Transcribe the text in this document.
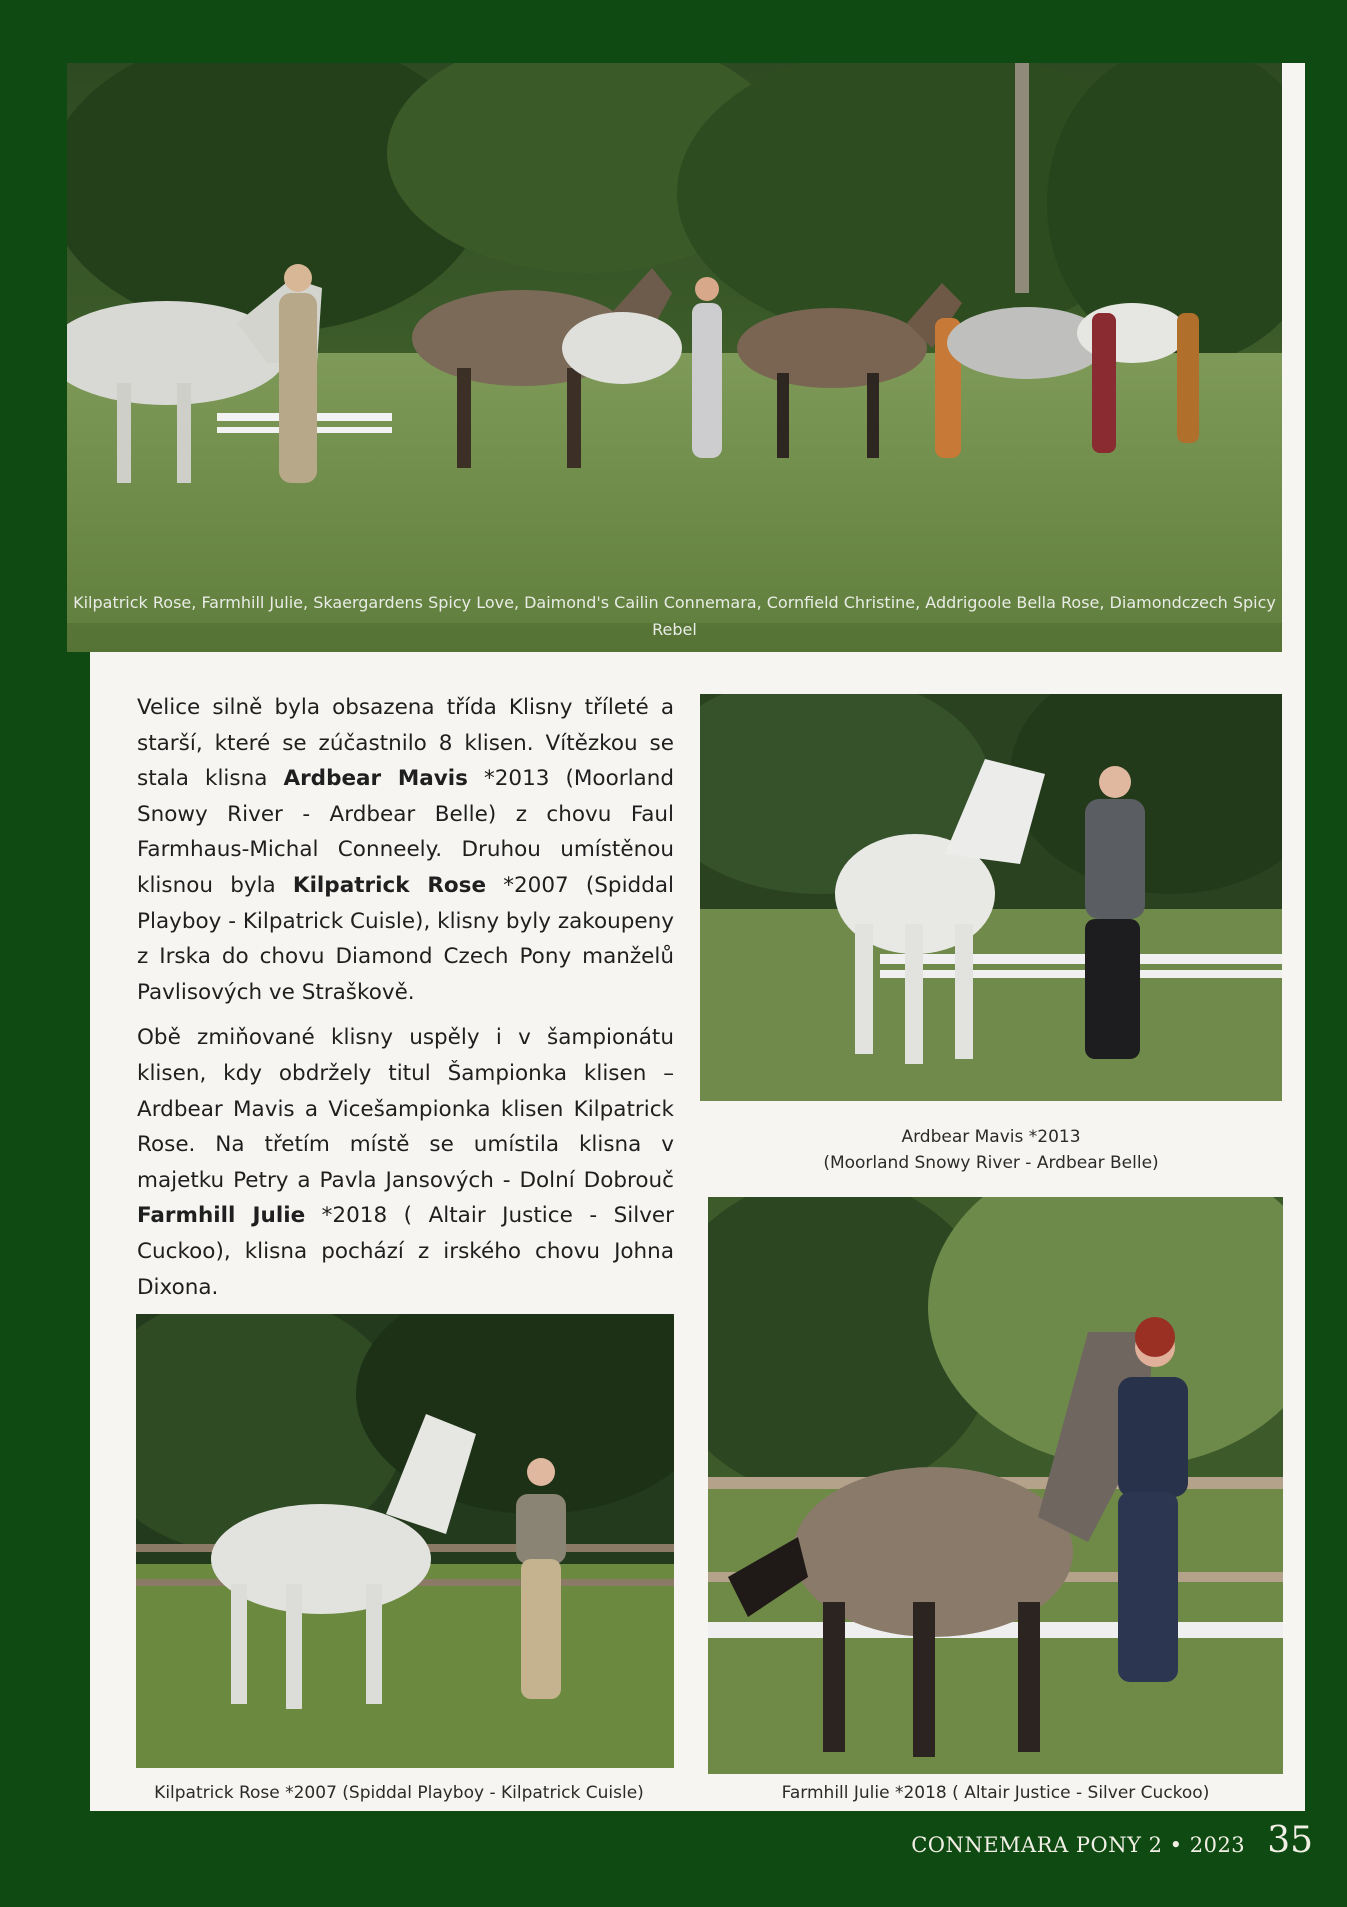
Kilpatrick Rose, Farmhill Julie, Skaergardens Spicy Love, Daimond's Cailin Connemara, Cornfield Christine, Addrigoole Bella Rose, Diamondczech Spicy Rebel

Velice silně byla obsazena třída Klisny tříleté a starší, které se zúčastnilo 8 klisen. Vítězkou se stala klisna Ardbear Mavis *2013 (Moorland Snowy River - Ardbear Belle) z chovu Faul Farmhaus-Michal Conneely. Druhou umístěnou klisnou byla Kilpatrick Rose *2007 (Spiddal Playboy - Kilpatrick Cuisle), klisny byly zakoupeny z Irska do chovu Diamond Czech Pony manželů Pavlisových ve Straškově.

Obě zmiňované klisny uspěly i v šampionátu klisen, kdy obdržely titul Šampionka klisen – Ardbear Mavis a Vicešampionka klisen Kilpatrick Rose. Na třetím místě se umístila klisna v majetku Petry a Pavla Jansových - Dolní Dobrouč Farmhill Julie *2018 ( Altair Justice - Silver Cuckoo), klisna pochází z irského chovu Johna Dixona.

Ardbear Mavis *2013
(Moorland Snowy River - Ardbear Belle)
Kilpatrick Rose *2007 (Spiddal Playboy - Kilpatrick Cuisle)	Farmhill Julie *2018 ( Altair Justice - Silver Cuckoo)
CONNEMARA PONY 2 • 2023 35
